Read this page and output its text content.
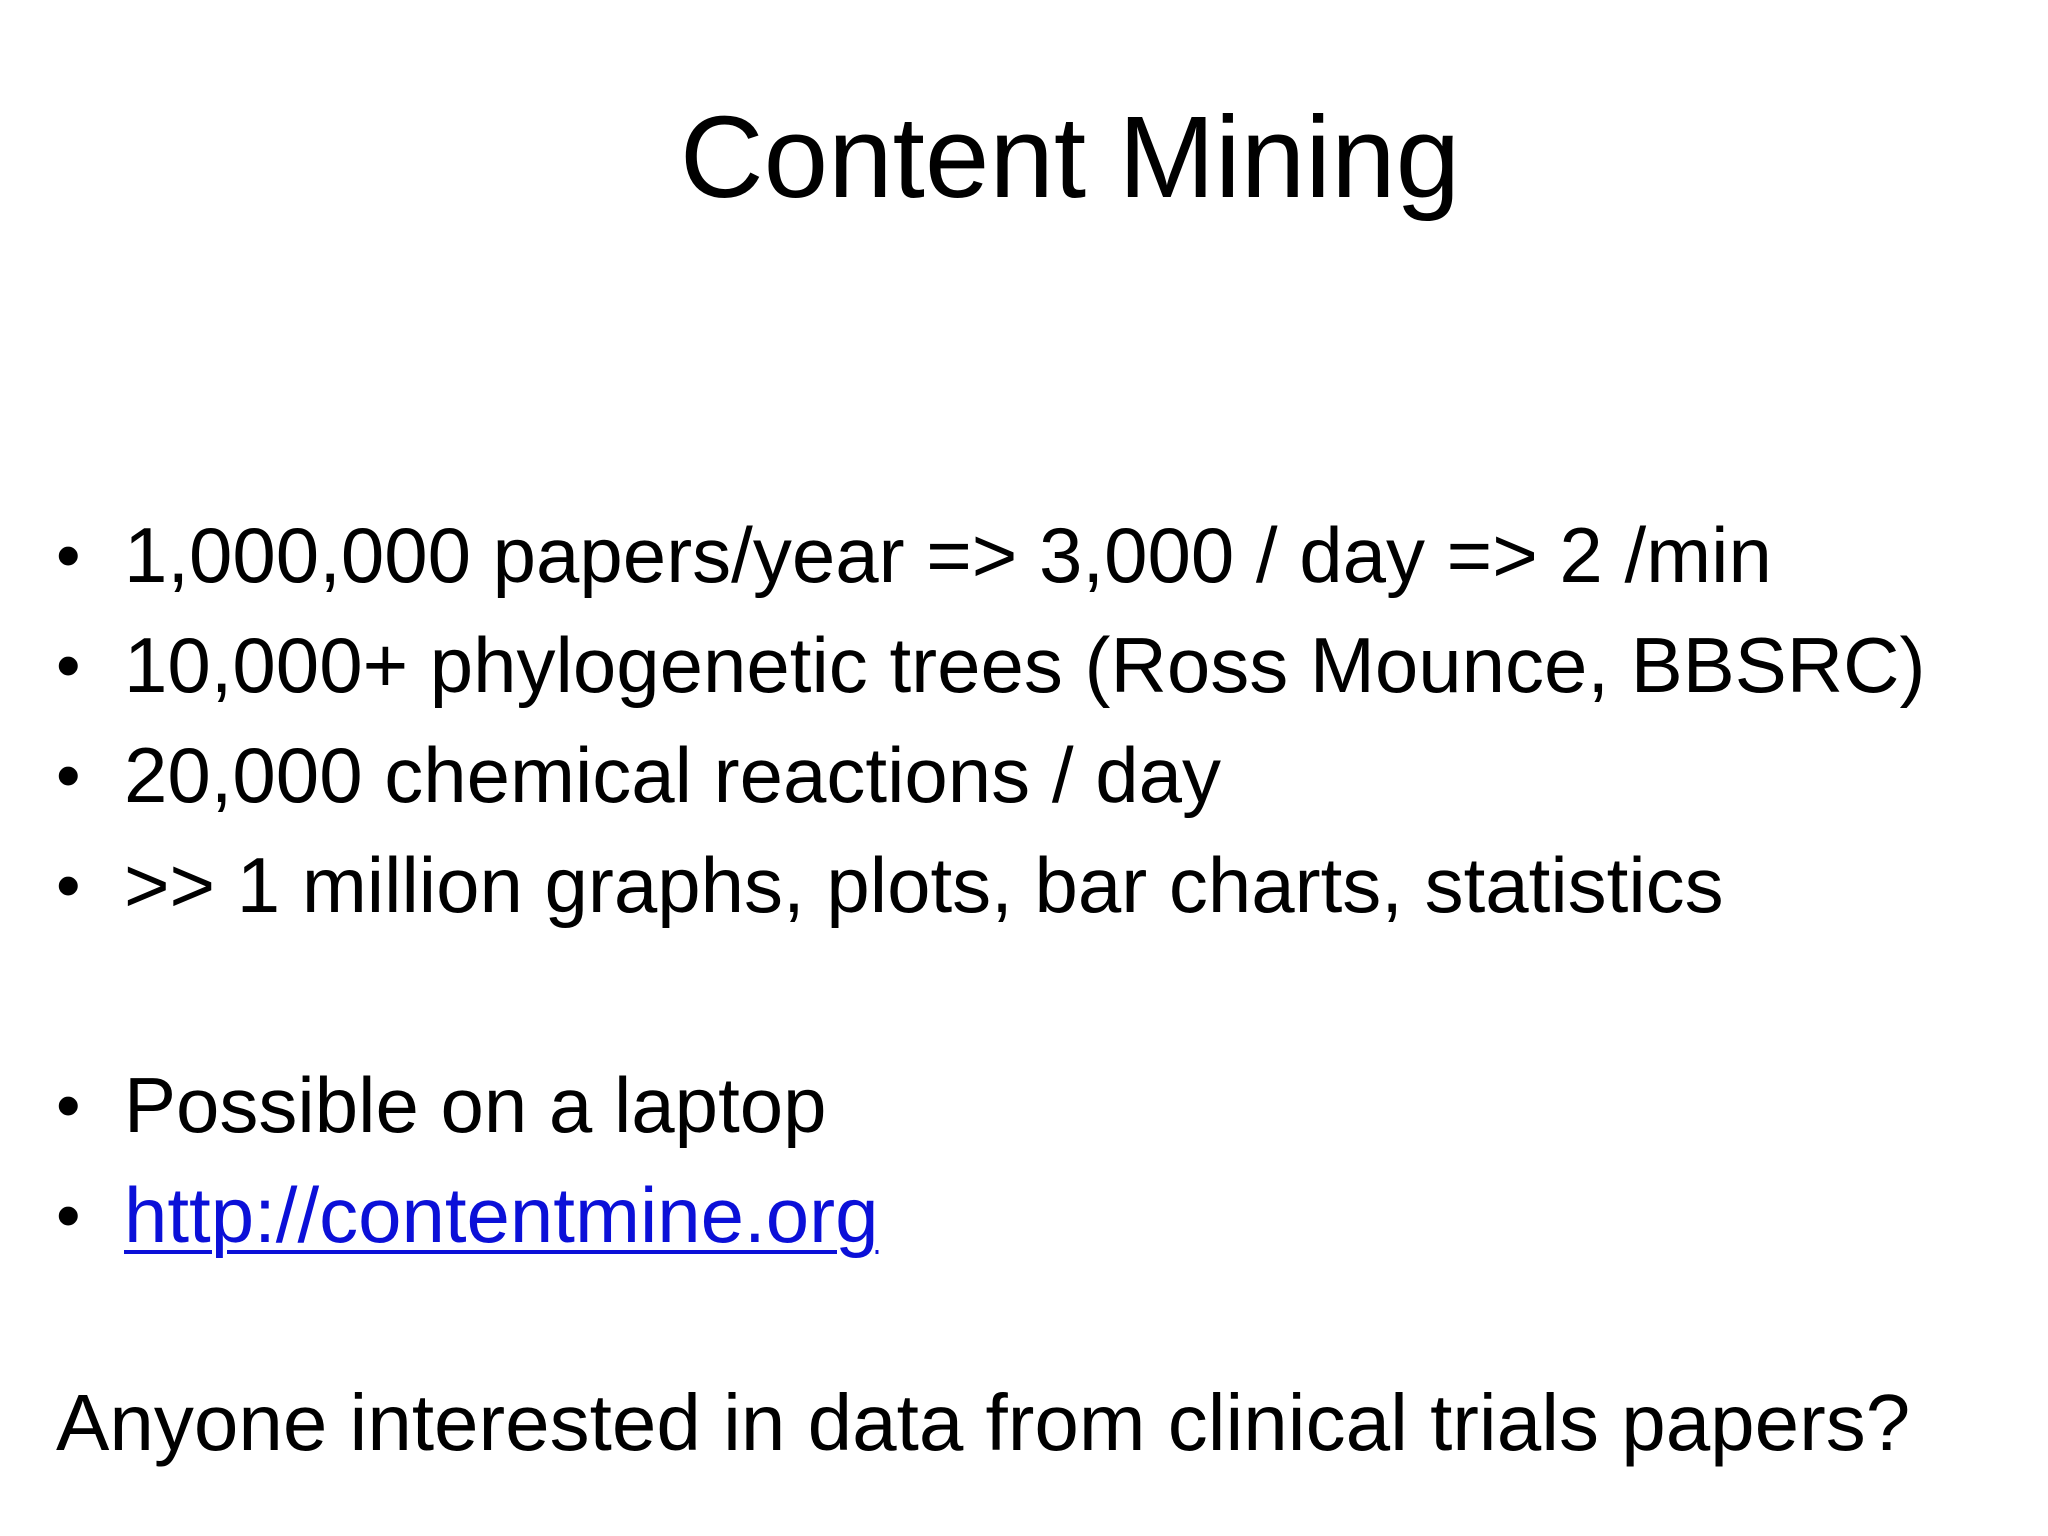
Content Mining
• 1,000,000 papers/year => 3,000 / day => 2 /min
• 10,000+ phylogenetic trees (Ross Mounce, BBSRC)
• 20,000 chemical reactions / day
• >> 1 million graphs, plots, bar charts, statistics
• Possible on a laptop
• http://contentmine.org

Anyone interested in data from clinical trials papers?
